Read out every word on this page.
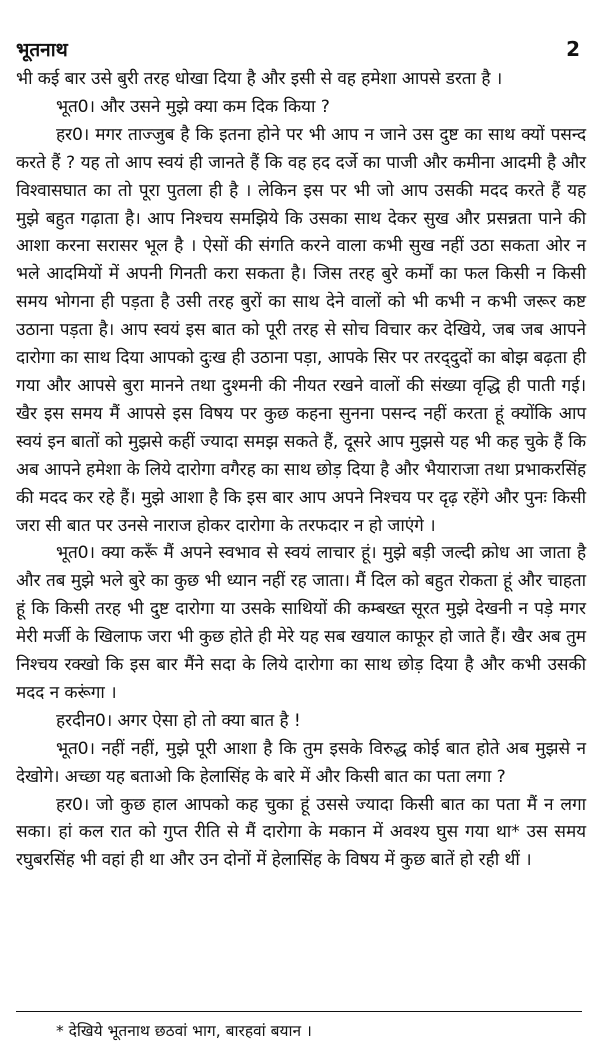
भूतनाथ	2

भी कई बार उसे बुरी तरह धोखा दिया है और इसी से वह हमेशा आपसे डरता है ।

भूत0। और उसने मुझे क्या कम दिक किया ?

हर0। मगर ताज्जुब है कि इतना होने पर भी आप न जाने उस दुष्ट का साथ क्यों पसन्द करते हैं ? यह तो आप स्वयं ही जानते हैं कि वह हद दर्जे का पाजी और कमीना आदमी है और विश्वासघात का तो पूरा पुतला ही है । लेकिन इस पर भी जो आप उसकी मदद करते हैं यह मुझे बहुत गढ़ाता है। आप निश्चय समझिये कि उसका साथ देकर सुख और प्रसन्नता पाने की आशा करना सरासर भूल है । ऐसों की संगति करने वाला कभी सुख नहीं उठा सकता ओर न भले आदमियों में अपनी गिनती करा सकता है। जिस तरह बुरे कर्मों का फल किसी न किसी समय भोगना ही पड़ता है उसी तरह बुरों का साथ देने वालों को भी कभी न कभी जरूर कष्ट उठाना पड़ता है। आप स्वयं इस बात को पूरी तरह से सोच विचार कर देखिये, जब जब आपने दारोगा का साथ दिया आपको दुःख ही उठाना पड़ा, आपके सिर पर तरद्‌दुदों का बोझ बढ़ता ही गया और आपसे बुरा मानने तथा दुश्मनी की नीयत रखने वालों की संख्या वृद्धि ही पाती गई। खैर इस समय मैं आपसे इस विषय पर कुछ कहना सुनना पसन्द नहीं करता हूं क्योंकि आप स्वयं इन बातों को मुझसे कहीं ज्यादा समझ सकते हैं, दूसरे आप मुझसे यह भी कह चुके हैं कि अब आपने हमेशा के लिये दारोगा वगैरह का साथ छोड़ दिया है और भैयाराजा तथा प्रभाकरसिंह की मदद कर रहे हैं। मुझे आशा है कि इस बार आप अपने निश्चय पर दृढ़ रहेंगे और पुनः किसी जरा सी बात पर उनसे नाराज होकर दारोगा के तरफदार न हो जाएंगे ।

भूत0। क्या करूँ मैं अपने स्वभाव से स्वयं लाचार हूं। मुझे बड़ी जल्दी क्रोध आ जाता है और तब मुझे भले बुरे का कुछ भी ध्यान नहीं रह जाता। मैं दिल को बहुत रोकता हूं और चाहता हूं कि किसी तरह भी दुष्ट दारोगा या उसके साथियों की कम्बख्त सूरत मुझे देखनी न पड़े मगर मेरी मर्जी के खिलाफ जरा भी कुछ होते ही मेरे यह सब खयाल काफूर हो जाते हैं। खैर अब तुम निश्चय रक्खो कि इस बार मैंने सदा के लिये दारोगा का साथ छोड़ दिया है और कभी उसकी मदद न करूंगा ।

हरदीन0। अगर ऐसा हो तो क्या बात है !

भूत0। नहीं नहीं, मुझे पूरी आशा है कि तुम इसके विरुद्ध कोई बात होते अब मुझसे न देखोगे। अच्छा यह बताओ कि हेलासिंह के बारे में और किसी बात का पता लगा ?

हर0। जो कुछ हाल आपको कह चुका हूं उससे ज्यादा किसी बात का पता मैं न लगा सका। हां कल रात को गुप्त रीति से मैं दारोगा के मकान में अवश्य घुस गया था* उस समय रघुबरसिंह भी वहां ही था और उन दोनों में हेलासिंह के विषय में कुछ बातें हो रही थीं ।

* देखिये भूतनाथ छठवां भाग, बारहवां बयान ।
